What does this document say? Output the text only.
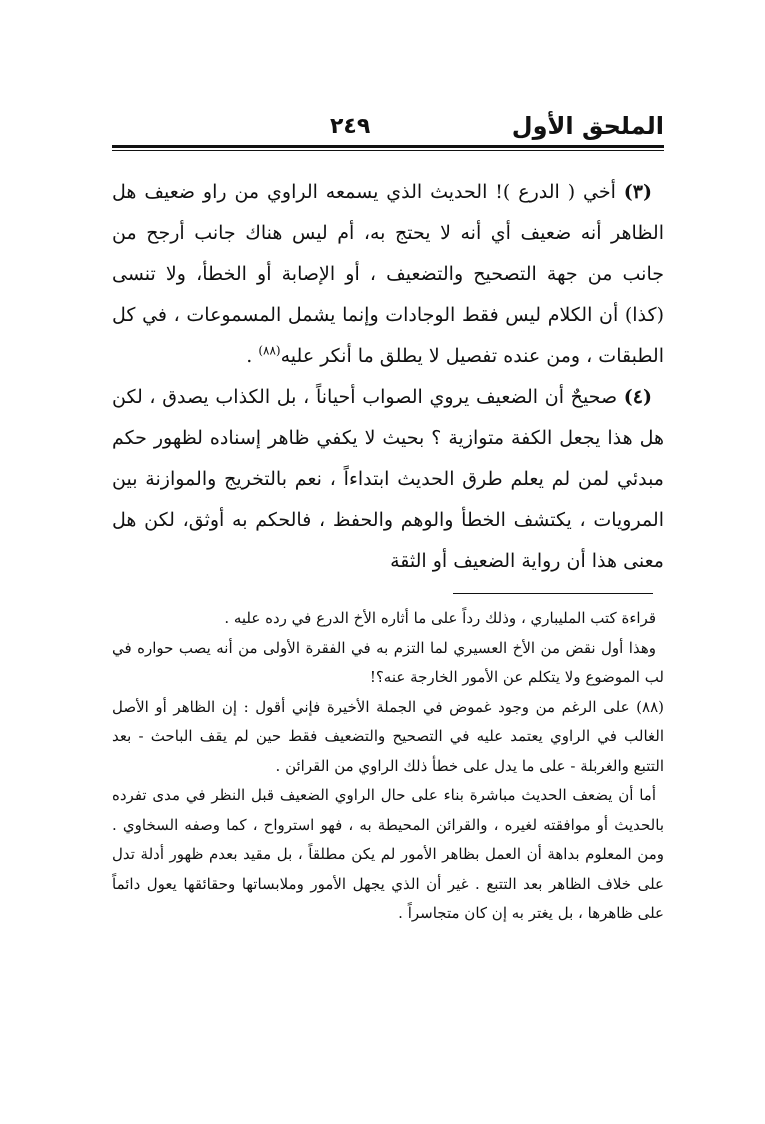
الملحق الأول
٢٤٩

(٣) أخي ( الدرع )! الحديث الذي يسمعه الراوي من راو ضعيف هل الظاهر أنه ضعيف أي أنه لا يحتج به، أم ليس هناك جانب أرجح من جانب من جهة التصحيح والتضعيف ، أو الإصابة أو الخطأ، ولا تنسى (كذا) أن الكلام ليس فقط الوجادات وإنما يشمل المسموعات ، في كل الطبقات ، ومن عنده تفصيل لا يطلق ما أنكر عليه$^{(٨٨)}$ .

(٤) صحيحٌ أن الضعيف يروي الصواب أحياناً ، بل الكذاب يصدق ، لكن هل هذا يجعل الكفة متوازية ؟ بحيث لا يكفي ظاهر إسناده لظهور حكم مبدئي لمن لم يعلم طرق الحديث ابتداءاً ، نعم بالتخريج والموازنة بين المرويات ، يكتشف الخطأ والوهم والحفظ ، فالحكم به أوثق، لكن هل معنى هذا أن رواية الضعيف أو الثقة

قراءة كتب المليباري ، وذلك رداً على ما أثاره الأخ الدرع في رده عليه .

وهذا أول نقض من الأخ العسيري لما التزم به في الفقرة الأولى من أنه يصب حواره في لب الموضوع ولا يتكلم عن الأمور الخارجة عنه؟!

(٨٨) على الرغم من وجود غموض في الجملة الأخيرة فإني أقول : إن الظاهر أو الأصل الغالب في الراوي يعتمد عليه في التصحيح والتضعيف فقط حين لم يقف الباحث - بعد التتبع والغربلة - على ما يدل على خطأ ذلك الراوي من القرائن .

أما أن يضعف الحديث مباشرة بناء على حال الراوي الضعيف قبل النظر في مدى تفرده بالحديث أو موافقته لغيره ، والقرائن المحيطة به ، فهو استرواح ، كما وصفه السخاوي . ومن المعلوم بداهة أن العمل بظاهر الأمور لم يكن مطلقاً ، بل مقيد بعدم ظهور أدلة تدل على خلاف الظاهر بعد التتبع . غير أن الذي يجهل الأمور وملابساتها وحقائقها يعول دائماً على ظاهرها ، بل يغتر به إن كان متجاسراً .
